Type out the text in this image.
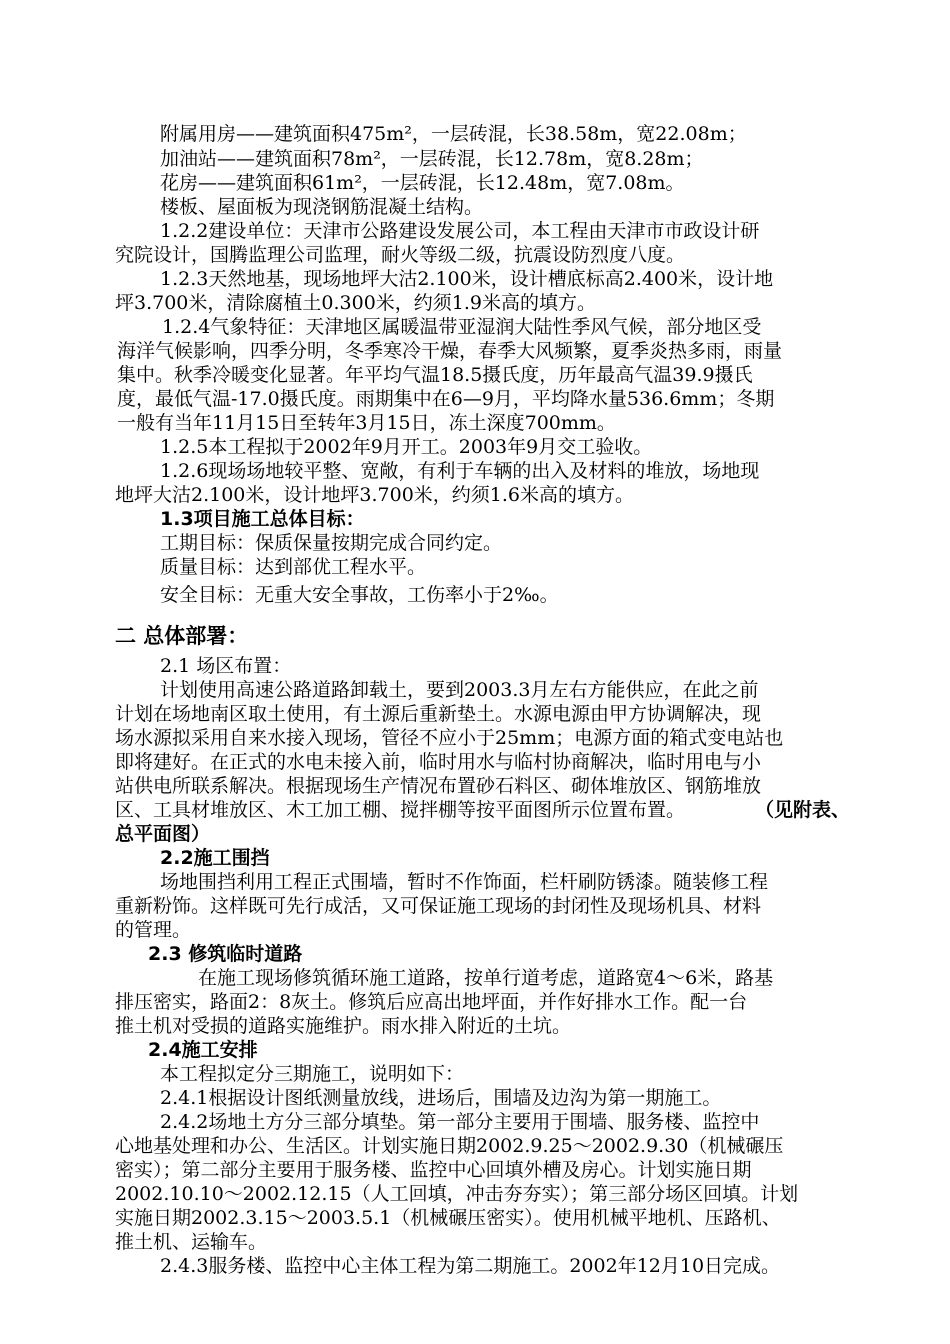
附属用房——建筑面积475m²，一层砖混，长38.58m，宽22.08m；
加油站——建筑面积78m²，一层砖混，长12.78m，宽8.28m；
花房——建筑面积61m²，一层砖混，长12.48m，宽7.08m。
楼板、屋面板为现浇钢筋混凝土结构。
1.2.2建设单位：天津市公路建设发展公司，本工程由天津市市政设计研
究院设计，国腾监理公司监理，耐火等级二级，抗震设防烈度八度。
1.2.3天然地基，现场地坪大沽2.100米，设计槽底标高2.400米，设计地
坪3.700米，清除腐植土0.300米，约须1.9米高的填方。
1.2.4气象特征：天津地区属暖温带亚湿润大陆性季风气候，部分地区受
海洋气候影响，四季分明，冬季寒冷干燥，春季大风频繁，夏季炎热多雨，雨量
集中。秋季冷暖变化显著。年平均气温18.5摄氏度，历年最高气温39.9摄氏
度，最低气温-17.0摄氏度。雨期集中在6—9月，平均降水量536.6mm；冬期
一般有当年11月15日至转年3月15日，冻土深度700mm。
1.2.5本工程拟于2002年9月开工。2003年9月交工验收。
1.2.6现场场地较平整、宽敞，有利于车辆的出入及材料的堆放，场地现
地坪大沽2.100米，设计地坪3.700米，约须1.6米高的填方。
1.3项目施工总体目标：
工期目标：保质保量按期完成合同约定。
质量目标：达到部优工程水平。
安全目标：无重大安全事故，工伤率小于2‰。
二 总体部署：
2.1 场区布置：
计划使用高速公路道路卸载土，要到2003.3月左右方能供应，在此之前
计划在场地南区取土使用，有土源后重新垫土。水源电源由甲方协调解决，现
场水源拟采用自来水接入现场，管径不应小于25mm；电源方面的箱式变电站也
即将建好。在正式的水电未接入前，临时用水与临村协商解决，临时用电与小
站供电所联系解决。根据现场生产情况布置砂石料区、砌体堆放区、钢筋堆放
区、工具材堆放区、木工加工棚、搅拌棚等按平面图所示位置布置。	（见附表、
总平面图）
2.2施工围挡
场地围挡利用工程正式围墙，暂时不作饰面，栏杆刷防锈漆。随装修工程
重新粉饰。这样既可先行成活，又可保证施工现场的封闭性及现场机具、材料
的管理。
2.3 修筑临时道路
在施工现场修筑循环施工道路，按单行道考虑，道路宽4～6米，路基
排压密实，路面2：8灰土。修筑后应高出地坪面，并作好排水工作。配一台
推土机对受损的道路实施维护。雨水排入附近的土坑。
2.4施工安排
本工程拟定分三期施工，说明如下：
2.4.1根据设计图纸测量放线，进场后，围墙及边沟为第一期施工。
2.4.2场地土方分三部分填垫。第一部分主要用于围墙、服务楼、监控中
心地基处理和办公、生活区。计划实施日期2002.9.25～2002.9.30（机械碾压
密实）；第二部分主要用于服务楼、监控中心回填外槽及房心。计划实施日期
2002.10.10～2002.12.15（人工回填，冲击夯夯实）；第三部分场区回填。计划
实施日期2002.3.15～2003.5.1（机械碾压密实）。使用机械平地机、压路机、
推土机、运输车。
2.4.3服务楼、监控中心主体工程为第二期施工。2002年12月10日完成。
